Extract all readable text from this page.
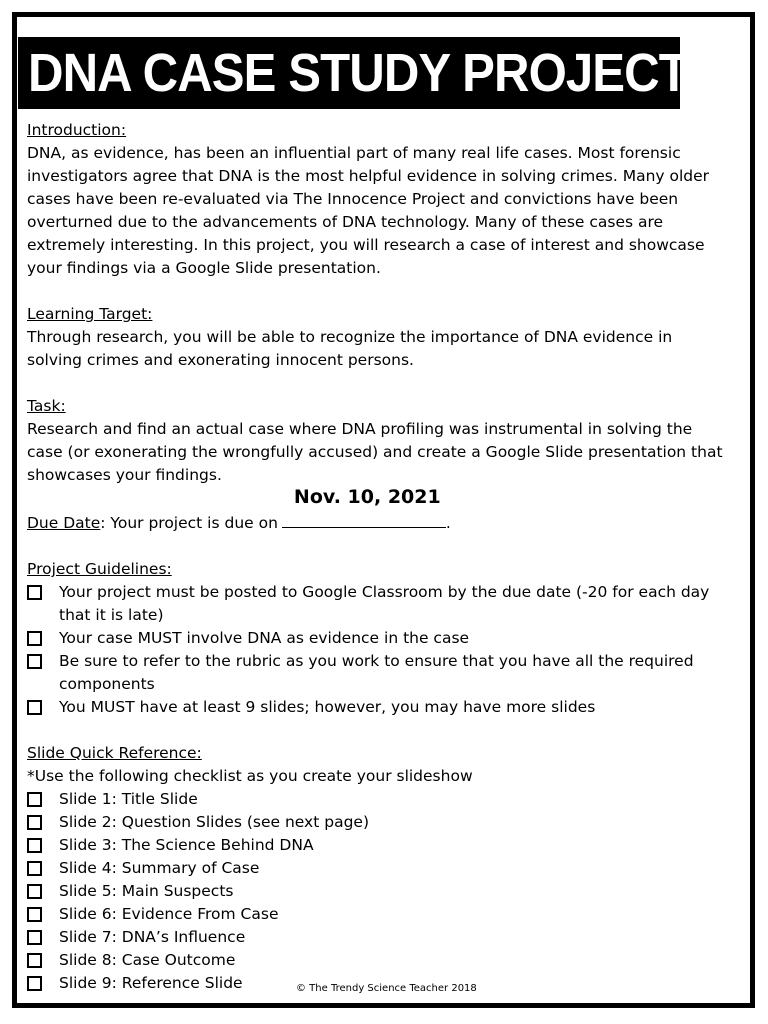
DNA CASE STUDY PROJECT
Introduction:
DNA, as evidence, has been an influential part of many real life cases. Most forensic
investigators agree that DNA is the most helpful evidence in solving crimes. Many older
cases have been re-evaluated via The Innocence Project and convictions have been
overturned due to the advancements of DNA technology. Many of these cases are
extremely interesting. In this project, you will research a case of interest and showcase
your findings via a Google Slide presentation.
Learning Target:
Through research, you will be able to recognize the importance of DNA evidence in
solving crimes and exonerating innocent persons.
Task:
Research and find an actual case where DNA profiling was instrumental in solving the
case (or exonerating the wrongfully accused) and create a Google Slide presentation that
showcases your findings.
Due Date: Your project is due on
Nov. 10, 2021
.
Project Guidelines:
Your project must be posted to Google Classroom by the due date (-20 for each day
that it is late)
Your case MUST involve DNA as evidence in the case
Be sure to refer to the rubric as you work to ensure that you have all the required
components
You MUST have at least 9 slides; however, you may have more slides
Slide Quick Reference:
*Use the following checklist as you create your slideshow
Slide 1: Title Slide
Slide 2: Question Slides (see next page)
Slide 3: The Science Behind DNA
Slide 4: Summary of Case
Slide 5: Main Suspects
Slide 6: Evidence From Case
Slide 7: DNA’s Influence
Slide 8: Case Outcome
Slide 9: Reference Slide	© The Trendy Science Teacher 2018
